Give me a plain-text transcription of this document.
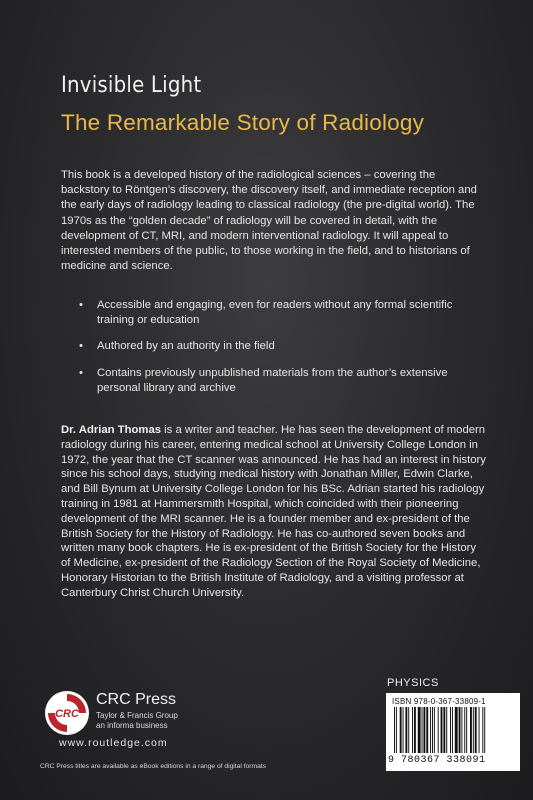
Invisible Light
The Remarkable Story of Radiology

This book is a developed history of the radiological sciences – covering the backstory to Röntgen’s discovery, the discovery itself, and immediate reception and the early days of radiology leading to classical radiology (the pre-digital world). The 1970s as the “golden decade” of radiology will be covered in detail, with the development of CT, MRI, and modern interventional radiology. It will appeal to interested members of the public, to those working in the field, and to historians of medicine and science.

• Accessible and engaging, even for readers without any formal scientific training or education
• Authored by an authority in the field
• Contains previously unpublished materials from the author’s extensive personal library and archive

Dr. Adrian Thomas is a writer and teacher. He has seen the development of modern radiology during his career, entering medical school at University College London in 1972, the year that the CT scanner was announced. He has had an interest in history since his school days, studying medical history with Jonathan Miller, Edwin Clarke, and Bill Bynum at University College London for his BSc. Adrian started his radiology training in 1981 at Hammersmith Hospital, which coincided with their pioneering development of the MRI scanner. He is a founder member and ex-president of the British Society for the History of Radiology. He has co-authored seven books and written many book chapters. He is ex-president of the British Society for the History of Medicine, ex-president of the Radiology Section of the Royal Society of Medicine, Honorary Historian to the British Institute of Radiology, and a visiting professor at Canterbury Christ Church University.

CRC
CRC Press
Taylor & Francis Group
an informa business
www.routledge.com
CRC Press titles are available as eBook editions in a range of digital formats
PHYSICS
ISBN 978-0-367-33809-1
9 780367 338091
